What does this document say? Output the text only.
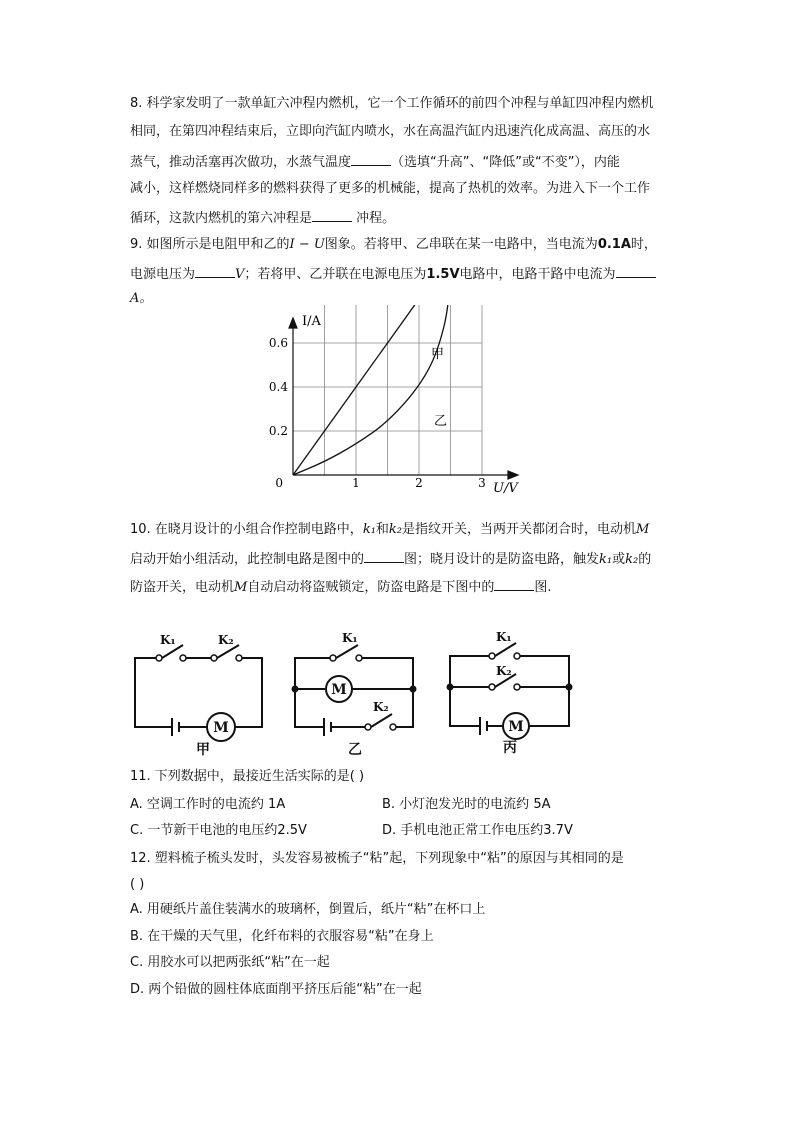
8. 科学家发明了一款单缸六冲程内燃机，它一个工作循环的前四个冲程与单缸四冲程内燃机
相同，在第四冲程结束后，立即向汽缸内喷水，水在高温汽缸内迅速汽化成高温、高压的水
蒸气，推动活塞再次做功，水蒸气温度	（选填“升高”、“降低”或“不变”），内能
减小，这样燃烧同样多的燃料获得了更多的机械能，提高了热机的效率。为进入下一个工作
循环，这款内燃机的第六冲程是	冲程。
9. 如图所示是电阻甲和乙的I − U图象。若将甲、乙串联在某一电路中，当电流为0.1A时，
电源电压为	V；若将甲、乙并联在电源电压为1.5V电路中，电路干路中电流为
A。
I/A
U/V
0.6
0.4
0.2
1	2	3
0
甲
乙
10. 在晓月设计的小组合作控制电路中，k₁和k₂是指纹开关，当两开关都闭合时，电动机M
启动开始小组活动，此控制电路是图中的	图；晓月设计的是防盗电路，触发k₁或k₂的
防盗开关，电动机M自动启动将盗贼锁定，防盗电路是下图中的	图.
K₁	K₂	K₁
K₂
K₁
K₂
M
M
M
甲	乙	丙
11. 下列数据中，最接近生活实际的是( )
A. 空调工作时的电流约 1A	B. 小灯泡发光时的电流约 5A
C. 一节新干电池的电压约2.5V	D. 手机电池正常工作电压约3.7V
12. 塑料梳子梳头发时，头发容易被梳子“粘”起，下列现象中“粘”的原因与其相同的是
( )
A. 用硬纸片盖住装满水的玻璃杯，倒置后，纸片“粘”在杯口上
B. 在干燥的天气里，化纤布料的衣服容易“粘”在身上
C. 用胶水可以把两张纸“粘”在一起
D. 两个铅做的圆柱体底面削平挤压后能“粘”在一起
